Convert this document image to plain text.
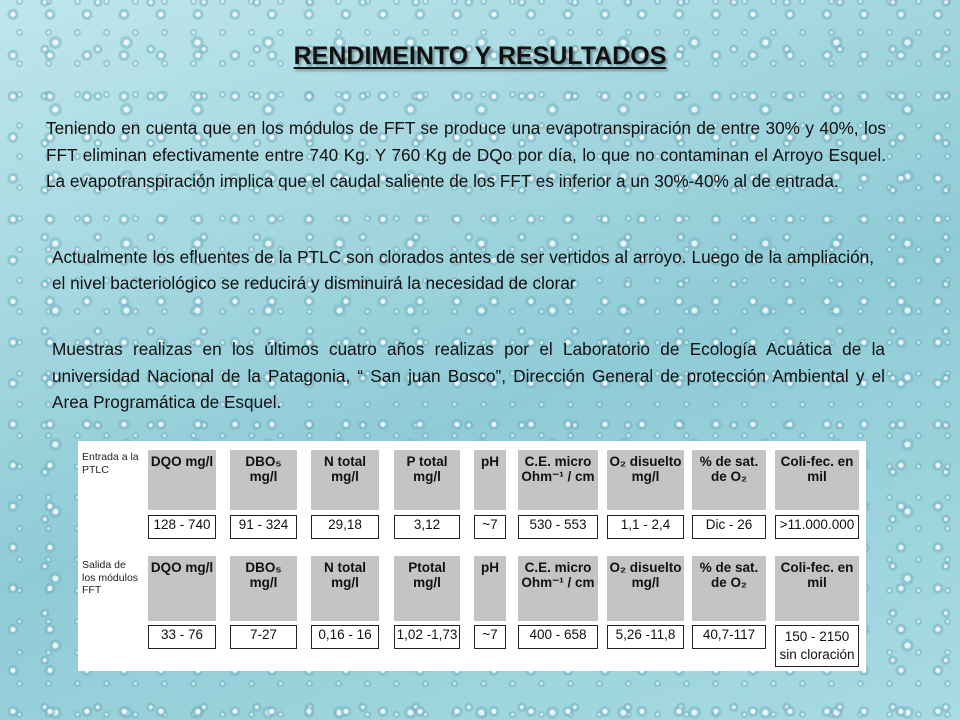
RENDIMEINTO Y RESULTADOS

Teniendo en cuenta que en los módulos de FFT se produce una evapotranspiración de entre 30% y 40%, los FFT eliminan efectivamente entre 740 Kg. Y 760 Kg de DQo por día, lo que no contaminan el Arroyo Esquel. La evapotranspiración implica que el caudal saliente de los FFT es inferior a un 30%-40% al de entrada.

Actualmente los efluentes de la PTLC son clorados antes de ser vertidos al arroyo. Luego de la ampliación, el nivel bacteriológico se reducirá y disminuirá la necesidad de clorar

Muestras realizas en los últimos cuatro años realizas por el Laboratorio de Ecología Acuática de la universidad Nacional de la Patagonia, “ San juan Bosco”, Dirección General de protección Ambiental y el Area Programática de Esquel.

Entrada a la PTLC
Salida de los módulos FFT
DQO mg/l
128 - 740
DBO₅ mg/l
91 - 324
N total mg/l
29,18
P total mg/l
3,12
pH
~7
C.E. micro Ohm⁻¹ / cm
530 - 553
O₂ disuelto mg/l
1,1 - 2,4
% de sat. de O₂
Dic - 26
Coli-fec. en mil
>11.000.000
DQO mg/l
33 - 76
DBO₅ mg/l
7-27
N total mg/l
0,16 - 16
Ptotal mg/l
1,02 -1,73
pH
~7
C.E. micro Ohm⁻¹ / cm
400 - 658
O₂ disuelto mg/l
5,26 -11,8
% de sat. de O₂
40,7-117
Coli-fec. en mil
150 - 2150 sin cloración
